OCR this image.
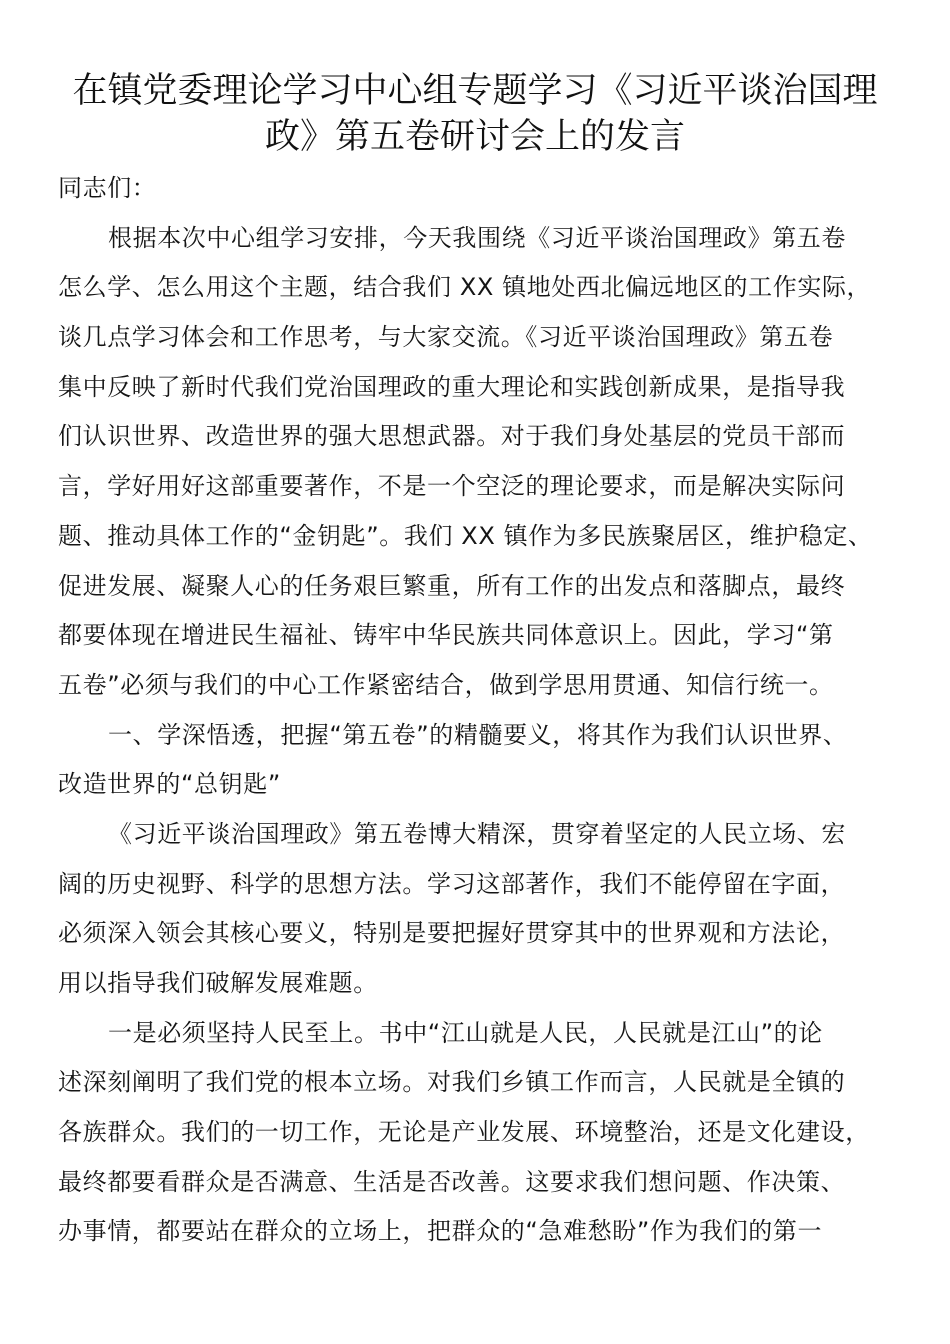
在镇党委理论学习中心组专题学习《习近平谈治国理
政》第五卷研讨会上的发言
同志们：
根据本次中心组学习安排，今天我围绕《习近平谈治国理政》第五卷
怎么学、怎么用这个主题，结合我们 XX 镇地处西北偏远地区的工作实际，
谈几点学习体会和工作思考，与大家交流。《习近平谈治国理政》第五卷
集中反映了新时代我们党治国理政的重大理论和实践创新成果，是指导我
们认识世界、改造世界的强大思想武器。对于我们身处基层的党员干部而
言，学好用好这部重要著作，不是一个空泛的理论要求，而是解决实际问
题、推动具体工作的“金钥匙”。我们 XX 镇作为多民族聚居区，维护稳定、
促进发展、凝聚人心的任务艰巨繁重，所有工作的出发点和落脚点，最终
都要体现在增进民生福祉、铸牢中华民族共同体意识上。因此，学习“第
五卷”必须与我们的中心工作紧密结合，做到学思用贯通、知信行统一。
一、学深悟透，把握“第五卷”的精髓要义，将其作为我们认识世界、
改造世界的“总钥匙”
《习近平谈治国理政》第五卷博大精深，贯穿着坚定的人民立场、宏
阔的历史视野、科学的思想方法。学习这部著作，我们不能停留在字面，
必须深入领会其核心要义，特别是要把握好贯穿其中的世界观和方法论，
用以指导我们破解发展难题。
一是必须坚持人民至上。书中“江山就是人民，人民就是江山”的论
述深刻阐明了我们党的根本立场。对我们乡镇工作而言，人民就是全镇的
各族群众。我们的一切工作，无论是产业发展、环境整治，还是文化建设，
最终都要看群众是否满意、生活是否改善。这要求我们想问题、作决策、
办事情，都要站在群众的立场上，把群众的“急难愁盼”作为我们的第一
